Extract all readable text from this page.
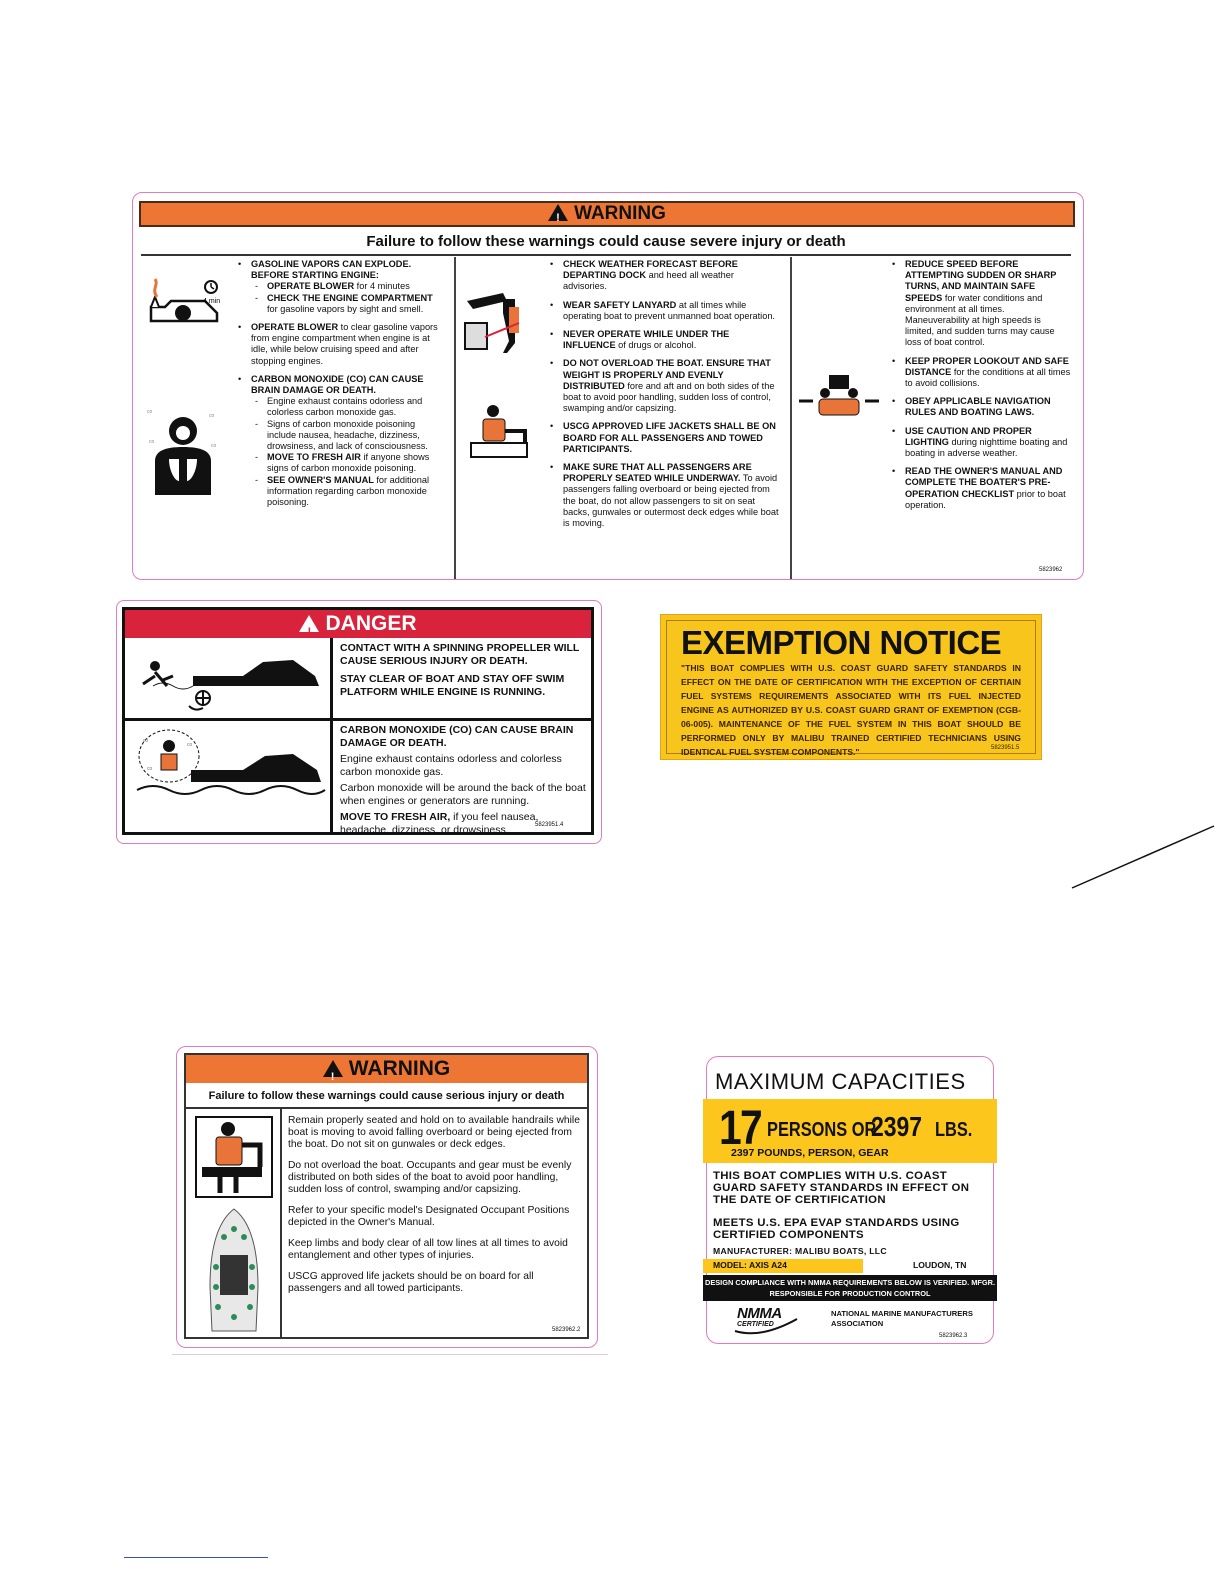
! WARNING
Failure to follow these warnings could cause severe injury or death
4 min
co
co
co
co
• GASOLINE VAPORS CAN EXPLODE. BEFORE STARTING ENGINE:
- OPERATE BLOWER for 4 minutes
- CHECK THE ENGINE COMPARTMENT for gasoline vapors by sight and smell.
• OPERATE BLOWER to clear gasoline vapors from engine compartment when engine is at idle, while below cruising speed and after stopping engines.
• CARBON MONOXIDE (CO) CAN CAUSE BRAIN DAMAGE OR DEATH.
- Engine exhaust contains odorless and colorless carbon monoxide gas.
- Signs of carbon monoxide poisoning include nausea, headache, dizziness, drowsiness, and lack of consciousness.
- MOVE TO FRESH AIR if anyone shows signs of carbon monoxide poisoning.
- SEE OWNER'S MANUAL for additional information regarding carbon monoxide poisoning.
• CHECK WEATHER FORECAST BEFORE DEPARTING DOCK and heed all weather advisories.
• WEAR SAFETY LANYARD at all times while operating boat to prevent unmanned boat operation.
• NEVER OPERATE WHILE UNDER THE INFLUENCE of drugs or alcohol.
• DO NOT OVERLOAD THE BOAT. ENSURE THAT WEIGHT IS PROPERLY AND EVENLY DISTRIBUTED fore and aft and on both sides of the boat to avoid poor handling, sudden loss of control, swamping and/or capsizing.
• USCG APPROVED LIFE JACKETS SHALL BE ON BOARD FOR ALL PASSENGERS AND TOWED PARTICIPANTS.
• MAKE SURE THAT ALL PASSENGERS ARE PROPERLY SEATED WHILE UNDERWAY. To avoid passengers falling overboard or being ejected from the boat, do not allow passengers to sit on seat backs, gunwales or outermost deck edges while boat is moving.
• REDUCE SPEED BEFORE ATTEMPTING SUDDEN OR SHARP TURNS, AND MAINTAIN SAFE SPEEDS for water conditions and environment at all times. Maneuverability at high speeds is limited, and sudden turns may cause loss of boat control.
• KEEP PROPER LOOKOUT AND SAFE DISTANCE for the conditions at all times to avoid collisions.
• OBEY APPLICABLE NAVIGATION RULES AND BOATING LAWS.
• USE CAUTION AND PROPER LIGHTING during nighttime boating and boating in adverse weather.
• READ THE OWNER'S MANUAL AND COMPLETE THE BOATER'S PRE-OPERATION CHECKLIST prior to boat operation.
5823962
! DANGER
co
co
co
CONTACT WITH A SPINNING PROPELLER WILL CAUSE SERIOUS INJURY OR DEATH.
STAY CLEAR OF BOAT AND STAY OFF SWIM PLATFORM WHILE ENGINE IS RUNNING.
CARBON MONOXIDE (CO) CAN CAUSE BRAIN DAMAGE OR DEATH.
Engine exhaust contains odorless and colorless carbon monoxide gas.
Carbon monoxide will be around the back of the boat when engines or generators are running.
MOVE TO FRESH AIR, if you feel nausea, headache, dizziness, or drowsiness.	5823951.4
EXEMPTION NOTICE
"THIS BOAT COMPLIES WITH U.S. COAST GUARD SAFETY STANDARDS IN EFFECT ON THE DATE OF CERTIFICATION WITH THE EXCEPTION OF CERTIAIN FUEL SYSTEMS REQUIREMENTS ASSOCIATED WITH ITS FUEL INJECTED ENGINE AS AUTHORIZED BY U.S. COAST GUARD GRANT OF EXEMPTION (CGB-06-005). MAINTENANCE OF THE FUEL SYSTEM IN THIS BOAT SHOULD BE PERFORMED ONLY BY MALIBU TRAINED CERTIFIED TECHNICIANS USING IDENTICAL FUEL SYSTEM COMPONENTS."	5823951.5
! WARNING
Failure to follow these warnings could cause serious injury or death
Remain properly seated and hold on to available handrails while boat is moving to avoid falling overboard or being ejected from the boat. Do not sit on gunwales or deck edges.
Do not overload the boat. Occupants and gear must be evenly distributed on both sides of the boat to avoid poor handling, sudden loss of control, swamping and/or capsizing.
Refer to your specific model's Designated Occupant Positions depicted in the Owner's Manual.
Keep limbs and body clear of all tow lines at all times to avoid entanglement and other types of injuries.
USCG approved life jackets should be on board for all passengers and all towed participants.
5823962.2
MAXIMUM CAPACITIES
17 PERSONS OR
2397 LBS.
2397 POUNDS, PERSON, GEAR
THIS BOAT COMPLIES WITH U.S. COAST GUARD SAFETY STANDARDS IN EFFECT ON THE DATE OF CERTIFICATION
MEETS U.S. EPA EVAP STANDARDS USING CERTIFIED COMPONENTS
MANUFACTURER: MALIBU BOATS, LLC
MODEL: AXIS A24	LOUDON, TN
DESIGN COMPLIANCE WITH NMMA REQUIREMENTS BELOW IS VERIFIED. MFGR. RESPONSIBLE FOR PRODUCTION CONTROL
NMMA
CERTIFIED
NATIONAL MARINE MANUFACTURERS ASSOCIATION
5823962.3
